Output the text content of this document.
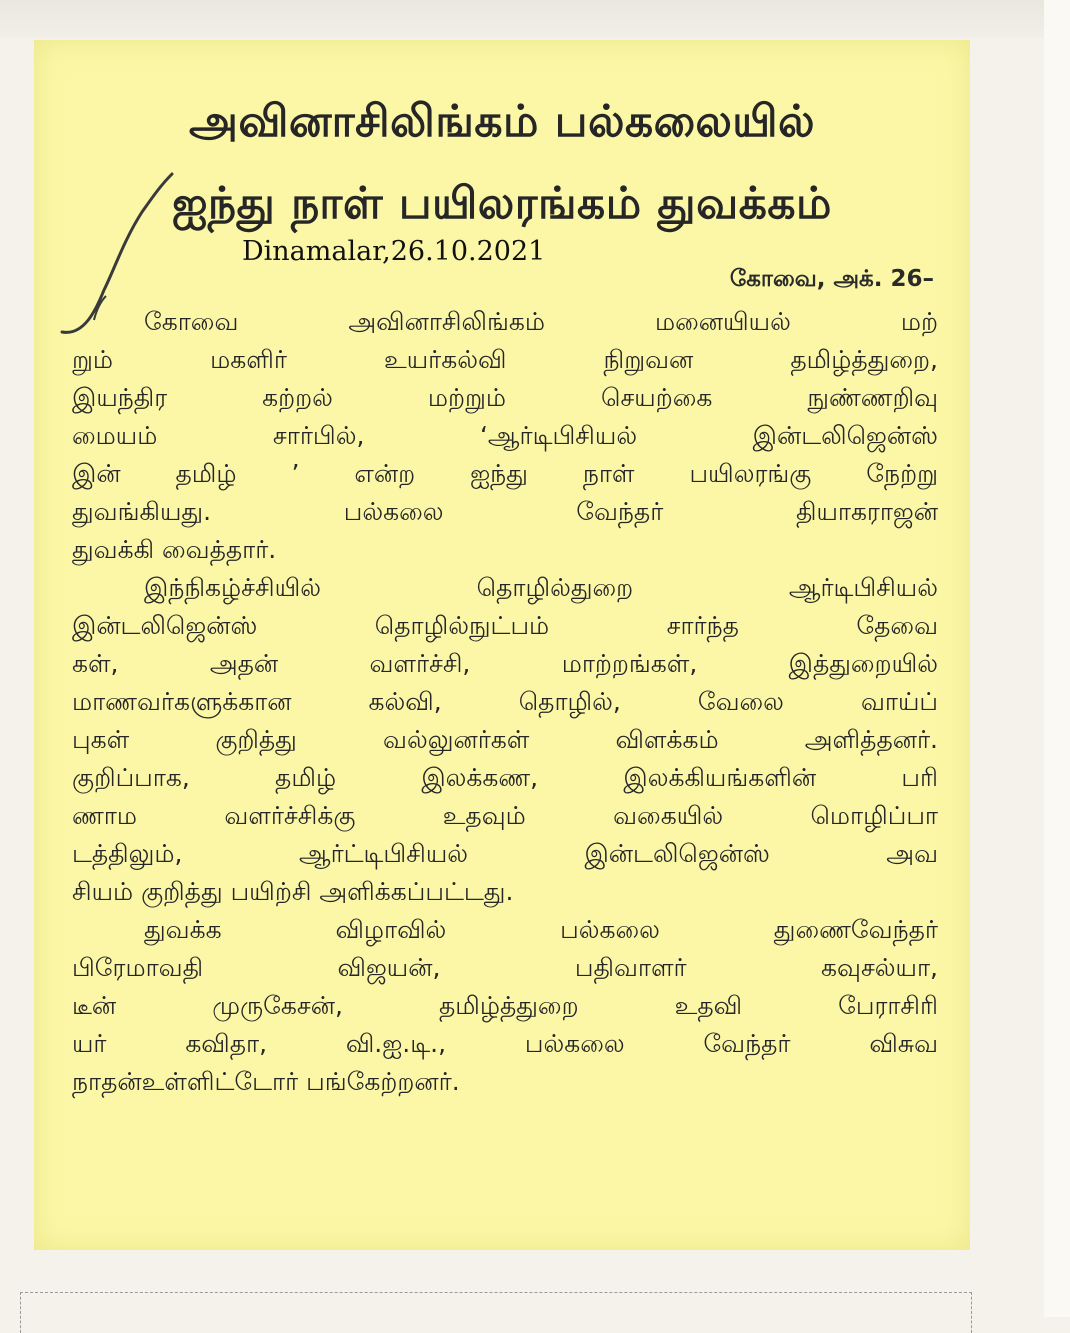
அவினாசிலிங்கம் பல்கலையில்
ஐந்து நாள் பயிலரங்கம் துவக்கம்
Dinamalar,26.10.2021
கோவை, அக். 26–
கோவை அவினாசிலிங்கம் மனையியல் மற்
றும் மகளிர் உயர்கல்வி நிறுவன தமிழ்த்துறை,
இயந்திர கற்றல் மற்றும் செயற்கை நுண்ணறிவு
மையம் சார்பில், ‘ஆர்டிபிசியல் இன்டலிஜென்ஸ்
இன் தமிழ் ’ என்ற ஐந்து நாள் பயிலரங்கு நேற்று
துவங்கியது. பல்கலை வேந்தர் தியாகராஜன்
துவக்கி வைத்தார்.
இந்நிகழ்ச்சியில் தொழில்துறை ஆர்டிபிசியல்
இன்டலிஜென்ஸ் தொழில்நுட்பம் சார்ந்த தேவை
கள், அதன் வளர்ச்சி, மாற்றங்கள், இத்துறையில்
மாணவர்களுக்கான கல்வி, தொழில், வேலை வாய்ப்
புகள் குறித்து வல்லுனர்கள் விளக்கம் அளித்தனர்.
குறிப்பாக, தமிழ் இலக்கண, இலக்கியங்களின் பரி
ணாம வளர்ச்சிக்கு உதவும் வகையில் மொழிப்பா
டத்திலும், ஆர்ட்டிபிசியல் இன்டலிஜென்ஸ் அவ
சியம் குறித்து பயிற்சி அளிக்கப்பட்டது.
துவக்க விழாவில் பல்கலை துணைவேந்தர்
பிரேமாவதி விஜயன், பதிவாளர் கவுசல்யா,
டீன் முருகேசன், தமிழ்த்துறை உதவி பேராசிரி
யர் கவிதா, வி.ஐ.டி., பல்கலை வேந்தர் விசுவ
நாதன்உள்ளிட்டோர் பங்கேற்றனர்.
